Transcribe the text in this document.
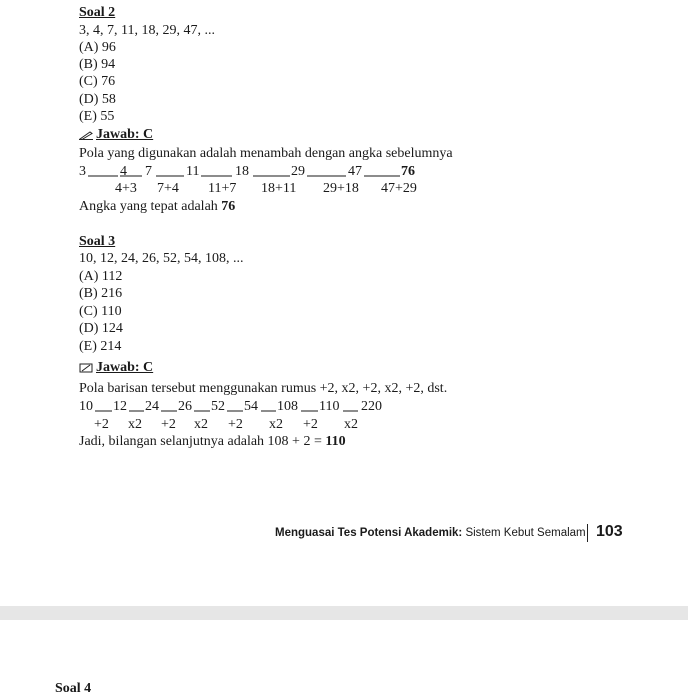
Soal 2
3, 4, 7, 11, 18, 29, 47, ...
(A) 96
(B) 94
(C) 76
(D) 58
(E) 55
Jawab: C
Pola yang digunakan adalah menambah dengan angka sebelumnya
3 4 7 11	18	29	47	76
4+3 7+4 11+7 18+11 29+18 47+29
Angka yang tepat adalah 76
Soal 3
10, 12, 24, 26, 52, 54, 108, ...
(A) 112
(B) 216
(C) 110
(D) 124
(E) 214
Jawab: C
Pola barisan tersebut menggunakan rumus +2, x2, +2, x2, +2, dst.
10 12 24 26 52 54 108 110 220
+2 x2 +2 x2 +2 x2 +2 x2
Jadi, bilangan selanjutnya adalah 108 + 2 = 110
Menguasai Tes Potensi Akademik: Sistem Kebut Semalam 103
Soal 4
